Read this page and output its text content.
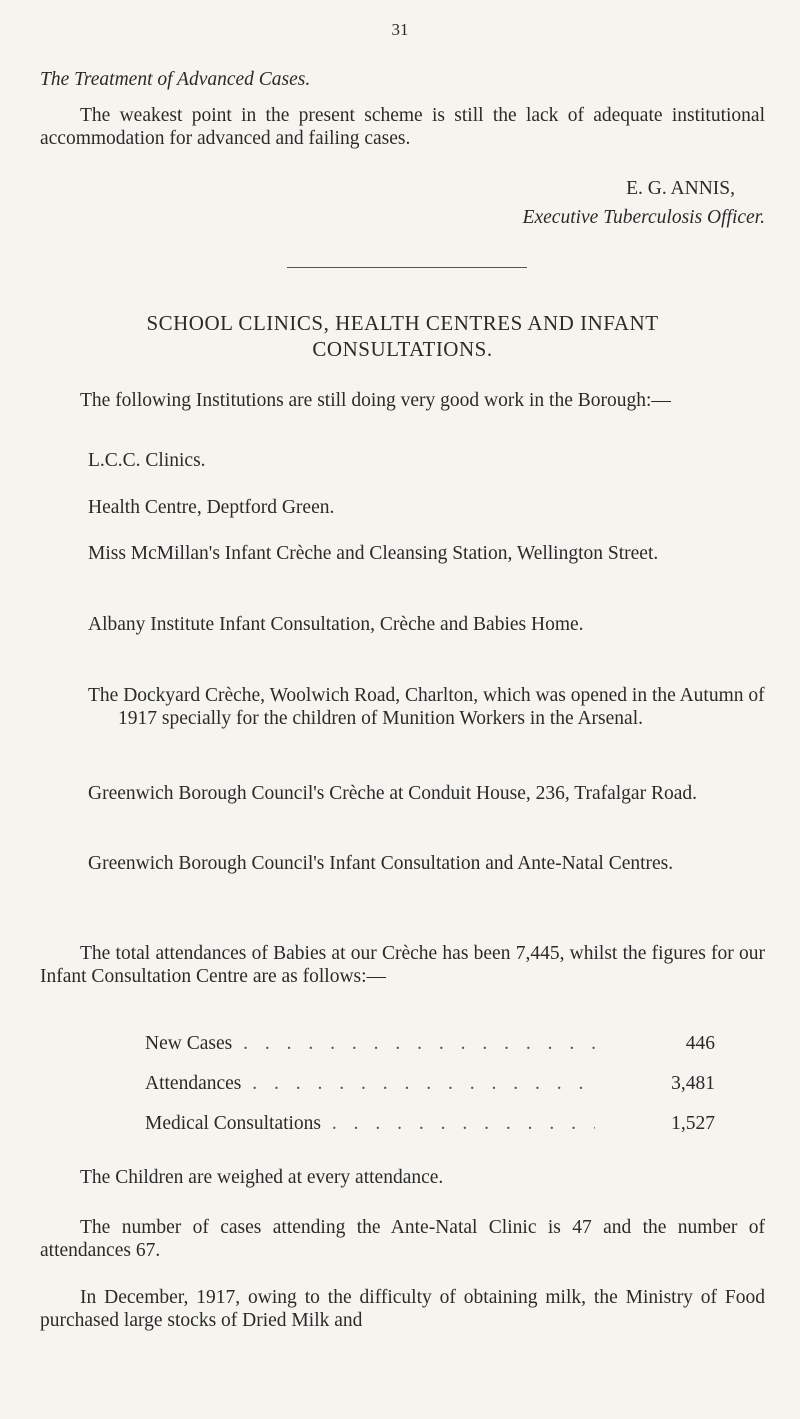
31
The Treatment of Advanced Cases.

The weakest point in the present scheme is still the lack of adequate institutional accommodation for advanced and failing cases.

E. G. ANNIS,
Executive Tuberculosis Officer.
SCHOOL CLINICS, HEALTH CENTRES AND INFANT
CONSULTATIONS.

The following Institutions are still doing very good work in the Borough:—

L.C.C. Clinics.

Health Centre, Deptford Green.

Miss McMillan's Infant Crèche and Cleansing Station, Wellington Street.

Albany Institute Infant Consultation, Crèche and Babies Home.

The Dockyard Crèche, Woolwich Road, Charlton, which was opened in the Autumn of 1917 specially for the children of Munition Workers in the Arsenal.

Greenwich Borough Council's Crèche at Conduit House, 236, Trafalgar Road.

Greenwich Borough Council's Infant Consultation and Ante-Natal Centres.

The total attendances of Babies at our Crèche has been 7,445, whilst the figures for our Infant Consultation Centre are as follows:—

New Cases . . .	446
Attendances . . .	3,481
Medical Consultations . . .	1,527

The Children are weighed at every attendance.

The number of cases attending the Ante-Natal Clinic is 47 and the number of attendances 67.

In December, 1917, owing to the difficulty of obtaining milk, the Ministry of Food purchased large stocks of Dried Milk and
